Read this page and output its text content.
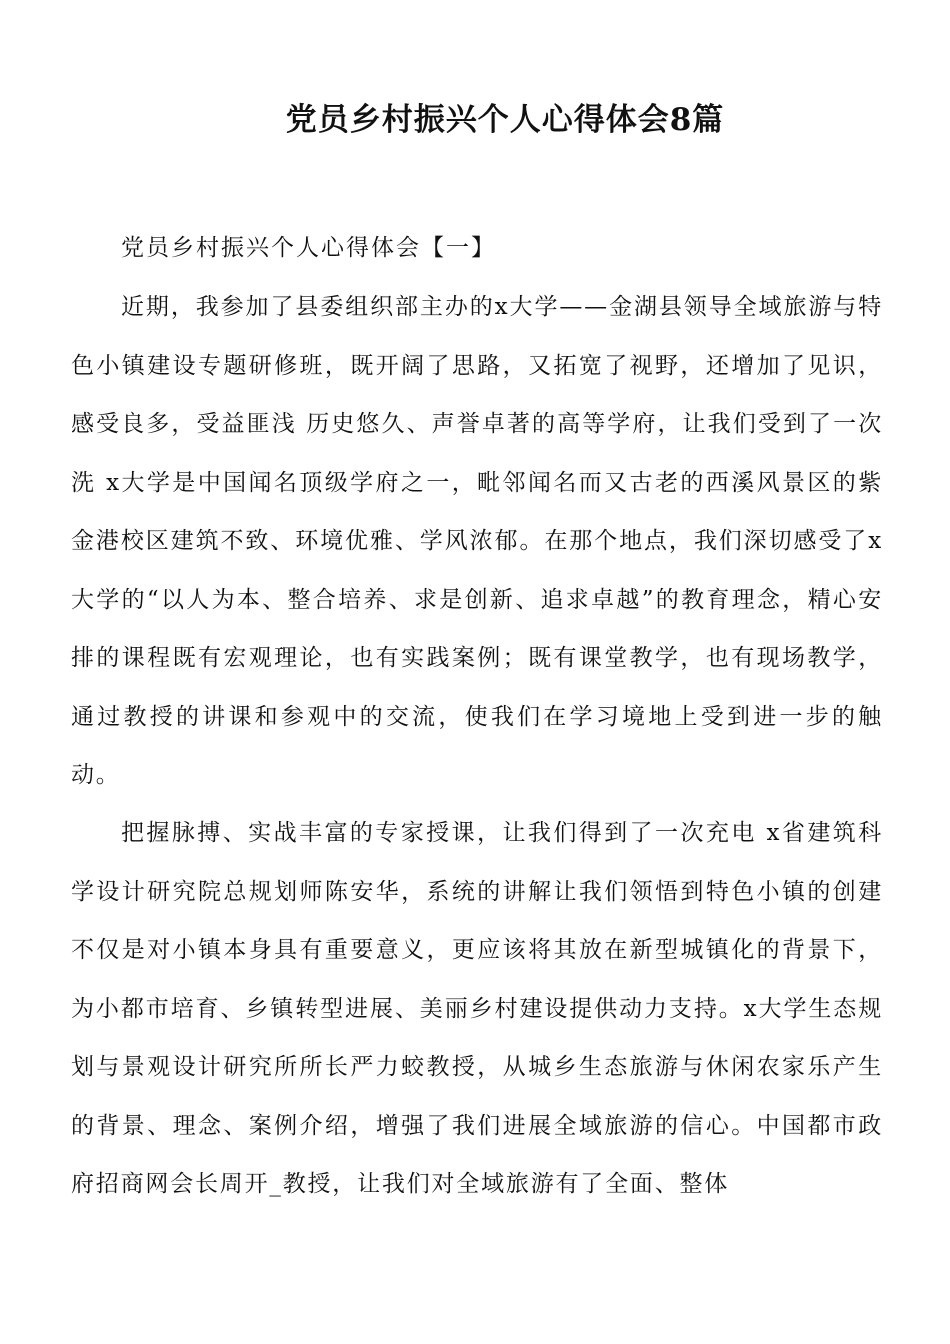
党员乡村振兴个人心得体会8篇

党员乡村振兴个人心得体会【一】

近期，我参加了县委组织部主办的x大学——金湖县领导全域旅游与特色小镇建设专题研修班，既开阔了思路，又拓宽了视野，还增加了见识，感受良多，受益匪浅 历史悠久、声誉卓著的高等学府，让我们受到了一次洗 x大学是中国闻名顶级学府之一，毗邻闻名而又古老的西溪风景区的紫金港校区建筑不致、环境优雅、学风浓郁。在那个地点，我们深切感受了x大学的“以人为本、整合培养、求是创新、追求卓越”的教育理念，精心安排的课程既有宏观理论，也有实践案例；既有课堂教学，也有现场教学，通过教授的讲课和参观中的交流，使我们在学习境地上受到进一步的触动。

把握脉搏、实战丰富的专家授课，让我们得到了一次充电 x省建筑科学设计研究院总规划师陈安华，系统的讲解让我们领悟到特色小镇的创建不仅是对小镇本身具有重要意义，更应该将其放在新型城镇化的背景下，为小都市培育、乡镇转型进展、美丽乡村建设提供动力支持。x大学生态规划与景观设计研究所所长严力蛟教授，从城乡生态旅游与休闲农家乐产生的背景、理念、案例介绍，增强了我们进展全域旅游的信心。中国都市政府招商网会长周开_教授，让我们对全域旅游有了全面、整体
